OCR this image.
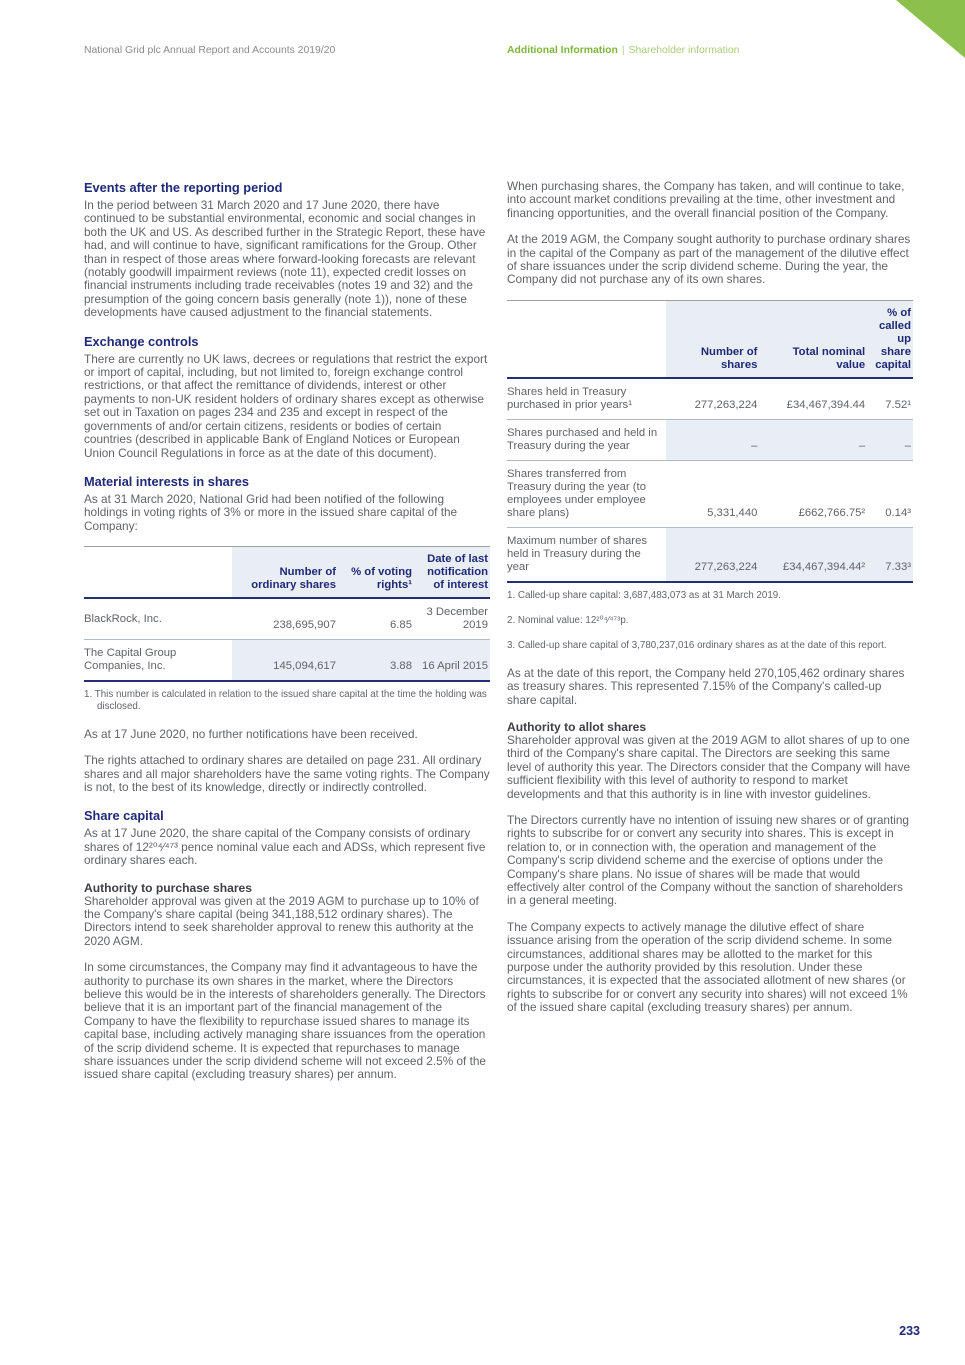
National Grid plc Annual Report and Accounts 2019/20	Additional Information | Shareholder information
Events after the reporting period

In the period between 31 March 2020 and 17 June 2020, there have continued to be substantial environmental, economic and social changes in both the UK and US. As described further in the Strategic Report, these have had, and will continue to have, significant ramifications for the Group. Other than in respect of those areas where forward-looking forecasts are relevant (notably goodwill impairment reviews (note 11), expected credit losses on financial instruments including trade receivables (notes 19 and 32) and the presumption of the going concern basis generally (note 1)), none of these developments have caused adjustment to the financial statements.

Exchange controls

There are currently no UK laws, decrees or regulations that restrict the export or import of capital, including, but not limited to, foreign exchange control restrictions, or that affect the remittance of dividends, interest or other payments to non-UK resident holders of ordinary shares except as otherwise set out in Taxation on pages 234 and 235 and except in respect of the governments of and/or certain citizens, residents or bodies of certain countries (described in applicable Bank of England Notices or European Union Council Regulations in force as at the date of this document).

Material interests in shares

As at 31 March 2020, National Grid had been notified of the following holdings in voting rights of 3% or more in the issued share capital of the Company:

	Number of ordinary shares	% of voting rights¹	Date of last notification of interest
BlackRock, Inc.	238,695,907	6.85	3 December 2019
The Capital Group Companies, Inc.	145,094,617	3.88	16 April 2015

1. This number is calculated in relation to the issued share capital at the time the holding was disclosed.

As at 17 June 2020, no further notifications have been received.

The rights attached to ordinary shares are detailed on page 231. All ordinary shares and all major shareholders have the same voting rights. The Company is not, to the best of its knowledge, directly or indirectly controlled.

Share capital

As at 17 June 2020, the share capital of the Company consists of ordinary shares of 12²⁰⁴⁄⁴⁷³ pence nominal value each and ADSs, which represent five ordinary shares each.

Authority to purchase shares

Shareholder approval was given at the 2019 AGM to purchase up to 10% of the Company's share capital (being 341,188,512 ordinary shares). The Directors intend to seek shareholder approval to renew this authority at the 2020 AGM.

In some circumstances, the Company may find it advantageous to have the authority to purchase its own shares in the market, where the Directors believe this would be in the interests of shareholders generally. The Directors believe that it is an important part of the financial management of the Company to have the flexibility to repurchase issued shares to manage its capital base, including actively managing share issuances from the operation of the scrip dividend scheme. It is expected that repurchases to manage share issuances under the scrip dividend scheme will not exceed 2.5% of the issued share capital (excluding treasury shares) per annum.

When purchasing shares, the Company has taken, and will continue to take, into account market conditions prevailing at the time, other investment and financing opportunities, and the overall financial position of the Company.

At the 2019 AGM, the Company sought authority to purchase ordinary shares in the capital of the Company as part of the management of the dilutive effect of share issuances under the scrip dividend scheme. During the year, the Company did not purchase any of its own shares.

	Number of shares	Total nominal value	% of called up share capital
Shares held in Treasury purchased in prior years¹	277,263,224	£34,467,394.44	7.52¹
Shares purchased and held in Treasury during the year	–	–	–
Shares transferred from Treasury during the year (to employees under employee share plans)	5,331,440	£662,766.75²	0.14³
Maximum number of shares held in Treasury during the year	277,263,224	£34,467,394.44²	7.33³

1. Called-up share capital: 3,687,483,073 as at 31 March 2019.

2. Nominal value: 12²⁰⁴⁄⁴⁷³p.

3. Called-up share capital of 3,780,237,016 ordinary shares as at the date of this report.

As at the date of this report, the Company held 270,105,462 ordinary shares as treasury shares. This represented 7.15% of the Company's called-up share capital.

Authority to allot shares

Shareholder approval was given at the 2019 AGM to allot shares of up to one third of the Company's share capital. The Directors are seeking this same level of authority this year. The Directors consider that the Company will have sufficient flexibility with this level of authority to respond to market developments and that this authority is in line with investor guidelines.

The Directors currently have no intention of issuing new shares or of granting rights to subscribe for or convert any security into shares. This is except in relation to, or in connection with, the operation and management of the Company's scrip dividend scheme and the exercise of options under the Company's share plans. No issue of shares will be made that would effectively alter control of the Company without the sanction of shareholders in a general meeting.

The Company expects to actively manage the dilutive effect of share issuance arising from the operation of the scrip dividend scheme. In some circumstances, additional shares may be allotted to the market for this purpose under the authority provided by this resolution. Under these circumstances, it is expected that the associated allotment of new shares (or rights to subscribe for or convert any security into shares) will not exceed 1% of the issued share capital (excluding treasury shares) per annum.

233
